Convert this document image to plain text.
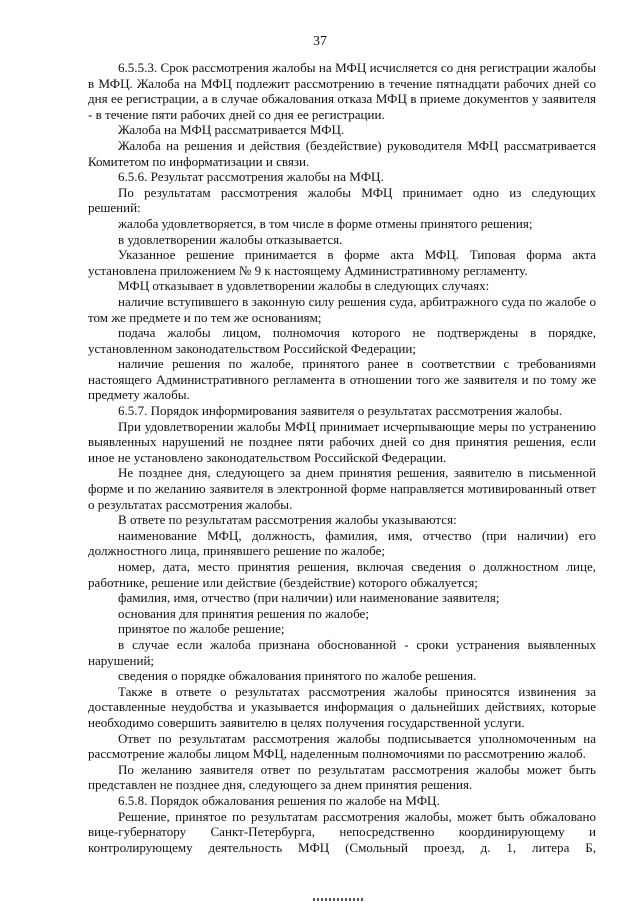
37

6.5.5.3. Срок рассмотрения жалобы на МФЦ исчисляется со дня регистрации жалобы в МФЦ. Жалоба на МФЦ подлежит рассмотрению в течение пятнадцати рабочих дней со дня ее регистрации, а в случае обжалования отказа МФЦ в приеме документов у заявителя - в течение пяти рабочих дней со дня ее регистрации.

Жалоба на МФЦ рассматривается МФЦ.

Жалоба на решения и действия (бездействие) руководителя МФЦ рассматривается Комитетом по информатизации и связи.

6.5.6. Результат рассмотрения жалобы на МФЦ.

По результатам рассмотрения жалобы МФЦ принимает одно из следующих решений:

жалоба удовлетворяется, в том числе в форме отмены принятого решения;

в удовлетворении жалобы отказывается.

Указанное решение принимается в форме акта МФЦ. Типовая форма акта установлена приложением № 9 к настоящему Административному регламенту.

МФЦ отказывает в удовлетворении жалобы в следующих случаях:

наличие вступившего в законную силу решения суда, арбитражного суда по жалобе о том же предмете и по тем же основаниям;

подача жалобы лицом, полномочия которого не подтверждены в порядке, установленном законодательством Российской Федерации;

наличие решения по жалобе, принятого ранее в соответствии с требованиями настоящего Административного регламента в отношении того же заявителя и по тому же предмету жалобы.

6.5.7. Порядок информирования заявителя о результатах рассмотрения жалобы.

При удовлетворении жалобы МФЦ принимает исчерпывающие меры по устранению выявленных нарушений не позднее пяти рабочих дней со дня принятия решения, если иное не установлено законодательством Российской Федерации.

Не позднее дня, следующего за днем принятия решения, заявителю в письменной форме и по желанию заявителя в электронной форме направляется мотивированный ответ о результатах рассмотрения жалобы.

В ответе по результатам рассмотрения жалобы указываются:

наименование МФЦ, должность, фамилия, имя, отчество (при наличии) его должностного лица, принявшего решение по жалобе;

номер, дата, место принятия решения, включая сведения о должностном лице, работнике, решение или действие (бездействие) которого обжалуется;

фамилия, имя, отчество (при наличии) или наименование заявителя;

основания для принятия решения по жалобе;

принятое по жалобе решение;

в случае если жалоба признана обоснованной - сроки устранения выявленных нарушений;

сведения о порядке обжалования принятого по жалобе решения.

Также в ответе о результатах рассмотрения жалобы приносятся извинения за доставленные неудобства и указывается информация о дальнейших действиях, которые необходимо совершить заявителю в целях получения государственной услуги.

Ответ по результатам рассмотрения жалобы подписывается уполномоченным на рассмотрение жалобы лицом МФЦ, наделенным полномочиями по рассмотрению жалоб.

По желанию заявителя ответ по результатам рассмотрения жалобы может быть представлен не позднее дня, следующего за днем принятия решения.

6.5.8. Порядок обжалования решения по жалобе на МФЦ.

Решение, принятое по результатам рассмотрения жалобы, может быть обжаловано вице-губернатору Санкт-Петербурга, непосредственно координирующему и контролирующему деятельность МФЦ (Смольный проезд, д. 1, литера Б,
